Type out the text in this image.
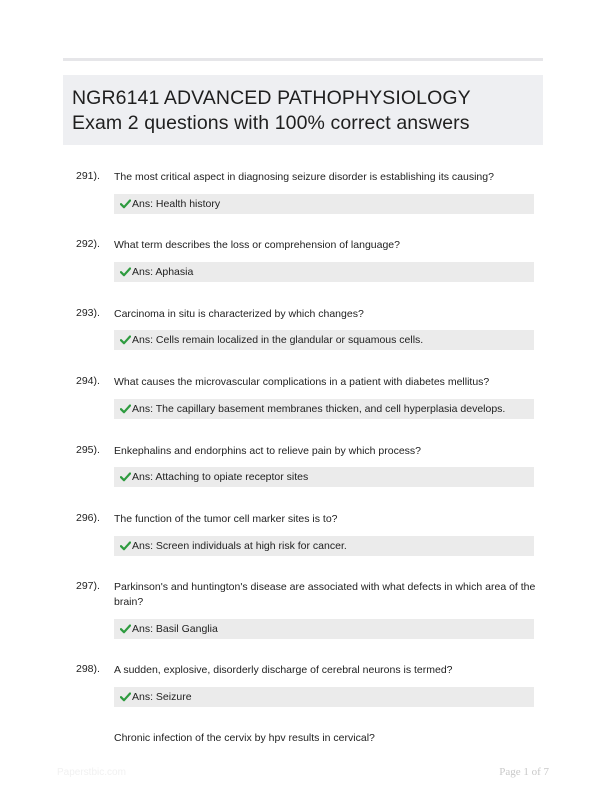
NGR6141 ADVANCED PATHOPHYSIOLOGY
Exam 2 questions with 100% correct answers
291). The most critical aspect in diagnosing seizure disorder is establishing its causing?
Ans: Health history
292). What term describes the loss or comprehension of language?
Ans: Aphasia
293). Carcinoma in situ is characterized by which changes?
Ans: Cells remain localized in the glandular or squamous cells.
294). What causes the microvascular complications in a patient with diabetes mellitus?
Ans: The capillary basement membranes thicken, and cell hyperplasia develops.
295). Enkephalins and endorphins act to relieve pain by which process?
Ans: Attaching to opiate receptor sites
296). The function of the tumor cell marker sites is to?
Ans: Screen individuals at high risk for cancer.
297). Parkinson's and huntington's disease are associated with what defects in which area of the brain?
Ans: Basil Ganglia
298). A sudden, explosive, disorderly discharge of cerebral neurons is termed?
Ans: Seizure
Chronic infection of the cervix by hpv results in cervical?
Paperstbic.com	Page 1 of 7
